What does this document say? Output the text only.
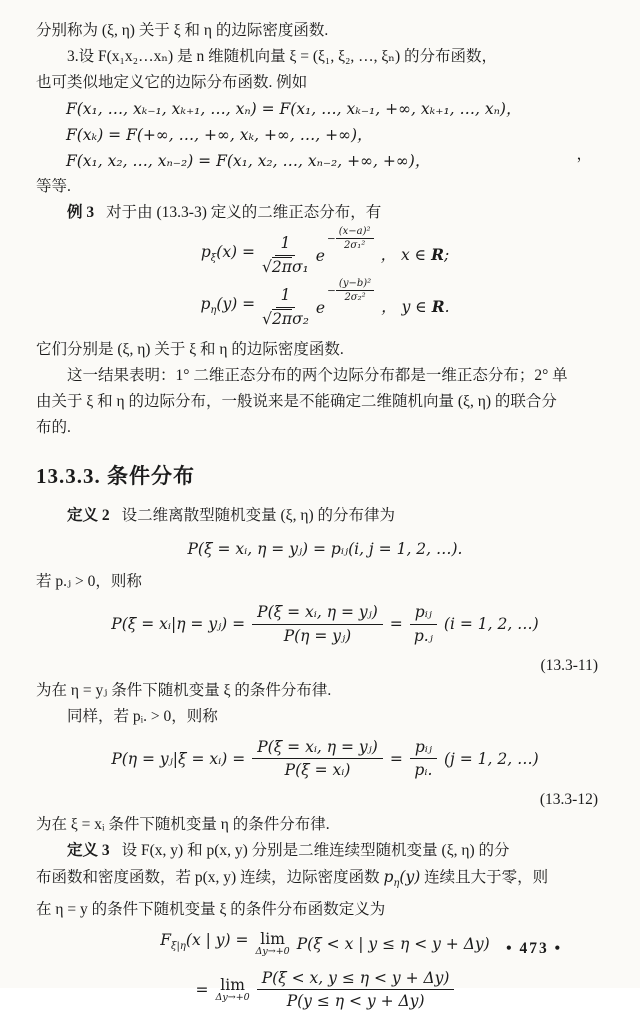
分别称为 (ξ, η) 关于 ξ 和 η 的边际密度函数.
3.设 F(x₁x₂…xₙ) 是 n 维随机向量 ξ = (ξ₁, ξ₂, …, ξₙ) 的分布函数，
也可类似地定义它的边际分布函数. 例如
F(x₁, …, xₖ₋₁, xₖ₊₁, …, xₙ) = F(x₁, …, xₖ₋₁, +∞, xₖ₊₁, …, xₙ)，
F(xₖ) = F(+∞, …, +∞, xₖ, +∞, …, +∞)，
F(x₁, x₂, …, xₙ₋₂) = F(x₁, x₂, …, xₙ₋₂, +∞, +∞)，	，
等等.
例 3 对于由 (13.3-3) 定义的二维正态分布，有
$p_\xi(x) = \frac{1}{\text{√2πσ₁}}$ e
− $\frac{\text{(x−a)²}}{\text{2σ₁²}}$
， x ∈ R;
$p_\eta(y) = \frac{1}{\text{√2πσ₂}}$ e
− $\frac{\text{(y−b)²}}{\text{2σ₂²}}$
， y ∈ R.
它们分别是 (ξ, η) 关于 ξ 和 η 的边际密度函数.
这一结果表明：1° 二维正态分布的两个边际分布都是一维正态分布；2° 单
由关于 ξ 和 η 的边际分布，一般说来是不能确定二维随机向量 (ξ, η) 的联合分
布的.
13.3.3. 条件分布
定义 2 设二维离散型随机变量 (ξ, η) 的分布律为
P(ξ = xᵢ, η = yⱼ) = pᵢⱼ(i, j = 1, 2, …).
若 p.ⱼ > 0，则称
P(ξ = xᵢ|η = yⱼ) = $\frac{\text{P(ξ = xᵢ, η = yⱼ)}}{\text{P(η = yⱼ)}} = \frac{\text{pᵢⱼ}}{\text{p.ⱼ}} (i = 1$, 2, …)
(13.3-11)
为在 η = yⱼ 条件下随机变量 ξ 的条件分布律.
同样，若 pᵢ. > 0，则称
P(η = yⱼ|ξ = xᵢ) = $\frac{\text{P(ξ = xᵢ, η = yⱼ)}}{\text{P(ξ = xᵢ)}} = \frac{\text{pᵢⱼ}}{\text{pᵢ.}} (j = 1$, 2, …)
(13.3-12)
为在 ξ = xᵢ 条件下随机变量 η 的条件分布律.
定义 3 设 F(x, y) 和 p(x, y) 分别是二维连续型随机变量 (ξ, η) 的分
布函数和密度函数，若 p(x, y) 连续，边际密度函数 $p_\eta(y)$ 连续且大于零，则
在 η = y 的条件下随机变量 ξ 的条件分布函数定义为
$F_{\xi|\eta}(x$ | y) = lim
Δy→+0 P(ξ < x | y ≤ η < y + Δy)
= lim
$\Delta y\to+0 \frac{P(\xi < x, y \le \eta < y + \Delta y)}{P(y \le \eta < y + \Delta y)}$
• 473 •
